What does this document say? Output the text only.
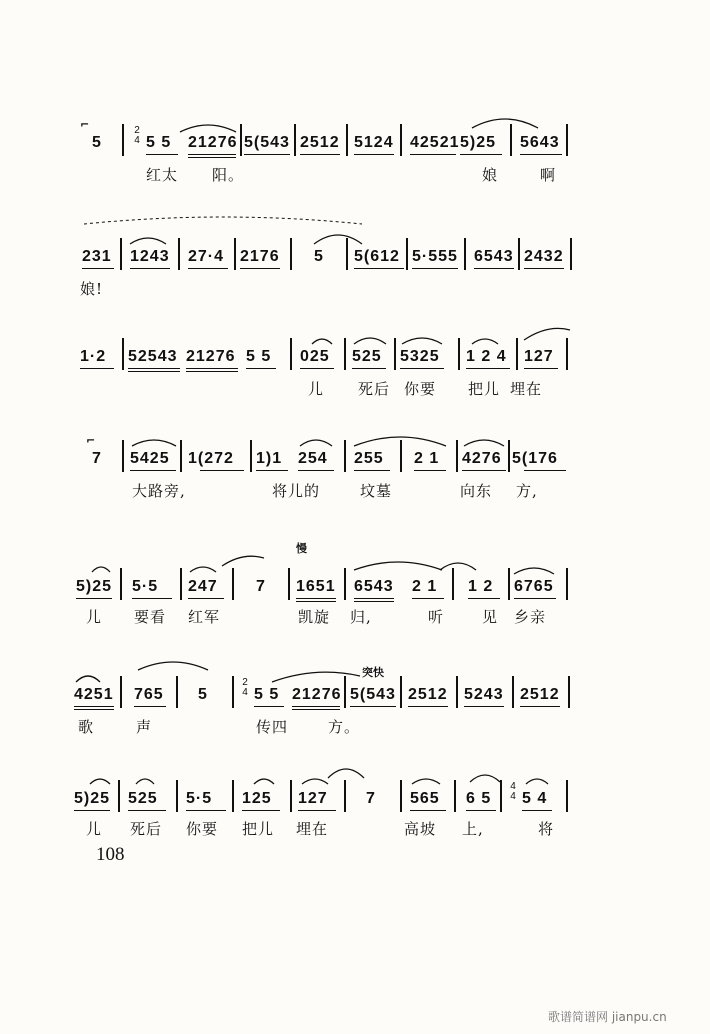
⌐
5
2
4 5 5 21276 5(543 2512 5124 42521 5)25 5643
红太 阳。	娘	啊
231 1243 27·4 2176 5 5(612 5·555 6543 2432
娘!
1·2 52543 21276 5 5 025 525 5325 1 2 4 127
儿 死后 你要 把儿 埋在
⌐
7 5425 1(272 1)1 254 255 2 1 4276 5(176
大路旁,	将儿的	坟墓	向东 方,
慢
5)25 5·5 247 7 1651 6543 2 1 1 2 6765
儿 要看 红军	凯旋 归,	听	见 乡亲
突快
4251 765 5
2
4 5 5 21276 5(543 2512 5243 2512
歌	声	传四	方。
5)25 525 5·5 125 127 7 565 6 5
4
4 5 4
儿 死后 你要 把儿 埋在	高坡 上,	将
108
歌谱简谱网 jianpu.cn
